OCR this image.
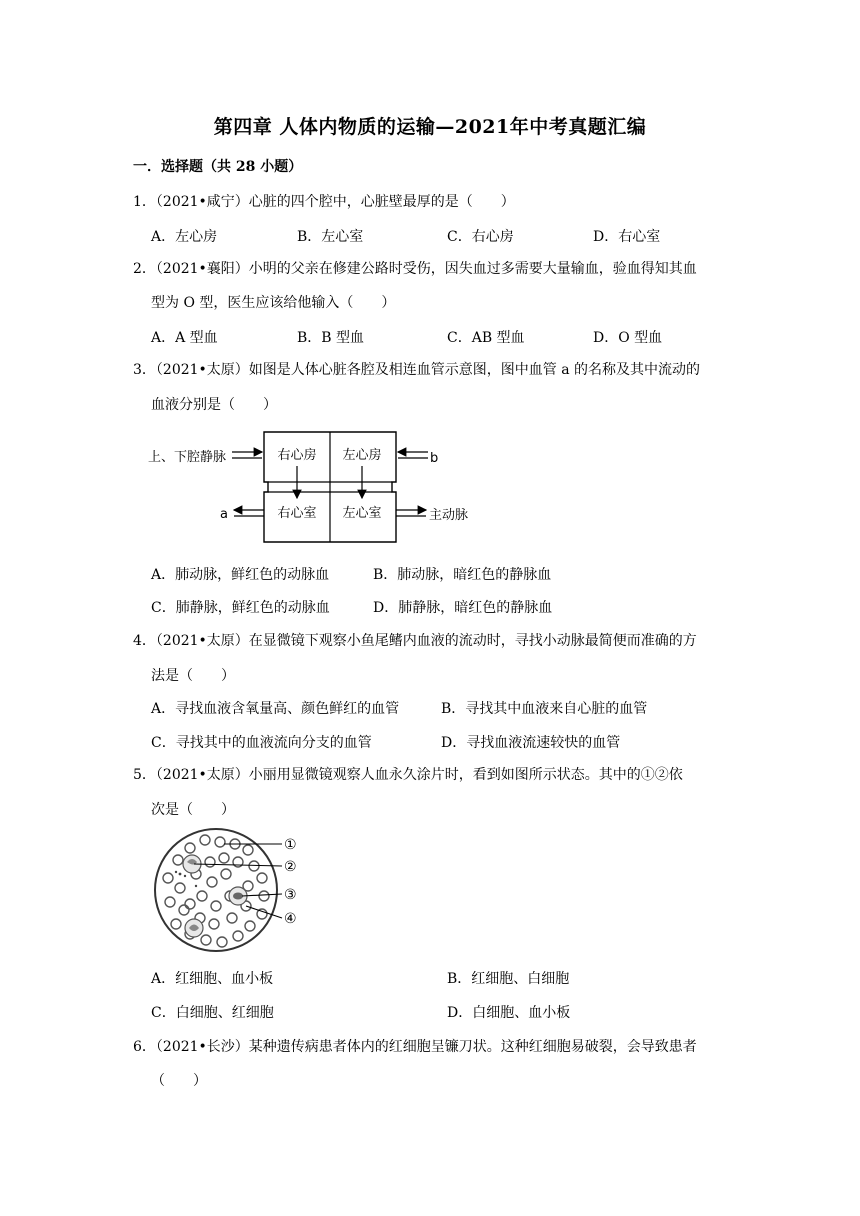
第四章 人体内物质的运输—2021年中考真题汇编
一．选择题（共 28 小题）
1．（2021•咸宁）心脏的四个腔中，心脏壁最厚的是（　　）
A．左心房	B．左心室	C．右心房	D．右心室
2．（2021•襄阳）小明的父亲在修建公路时受伤，因失血过多需要大量输血，验血得知其血
型为 O 型，医生应该给他输入（　　）
A．A 型血	B．B 型血	C．AB 型血	D．O 型血
3．（2021•太原）如图是人体心脏各腔及相连血管示意图，图中血管 a 的名称及其中流动的
血液分别是（　　）
右心房 左心房
右心室 左心室
上、下腔静脉	b
a	主动脉
A．肺动脉，鲜红色的动脉血	B．肺动脉，暗红色的静脉血
C．肺静脉，鲜红色的动脉血	D．肺静脉，暗红色的静脉血
4．（2021•太原）在显微镜下观察小鱼尾鳍内血液的流动时，寻找小动脉最简便而准确的方
法是（　　）
A．寻找血液含氧量高、颜色鲜红的血管	B．寻找其中血液来自心脏的血管
C．寻找其中的血液流向分支的血管	D．寻找血液流速较快的血管
5．（2021•太原）小丽用显微镜观察人血永久涂片时，看到如图所示状态。其中的①②依
次是（　　）
①
②
③
④
A．红细胞、血小板	B．红细胞、白细胞
C．白细胞、红细胞	D．白细胞、血小板
6．（2021•长沙）某种遗传病患者体内的红细胞呈镰刀状。这种红细胞易破裂，会导致患者
（　　）
